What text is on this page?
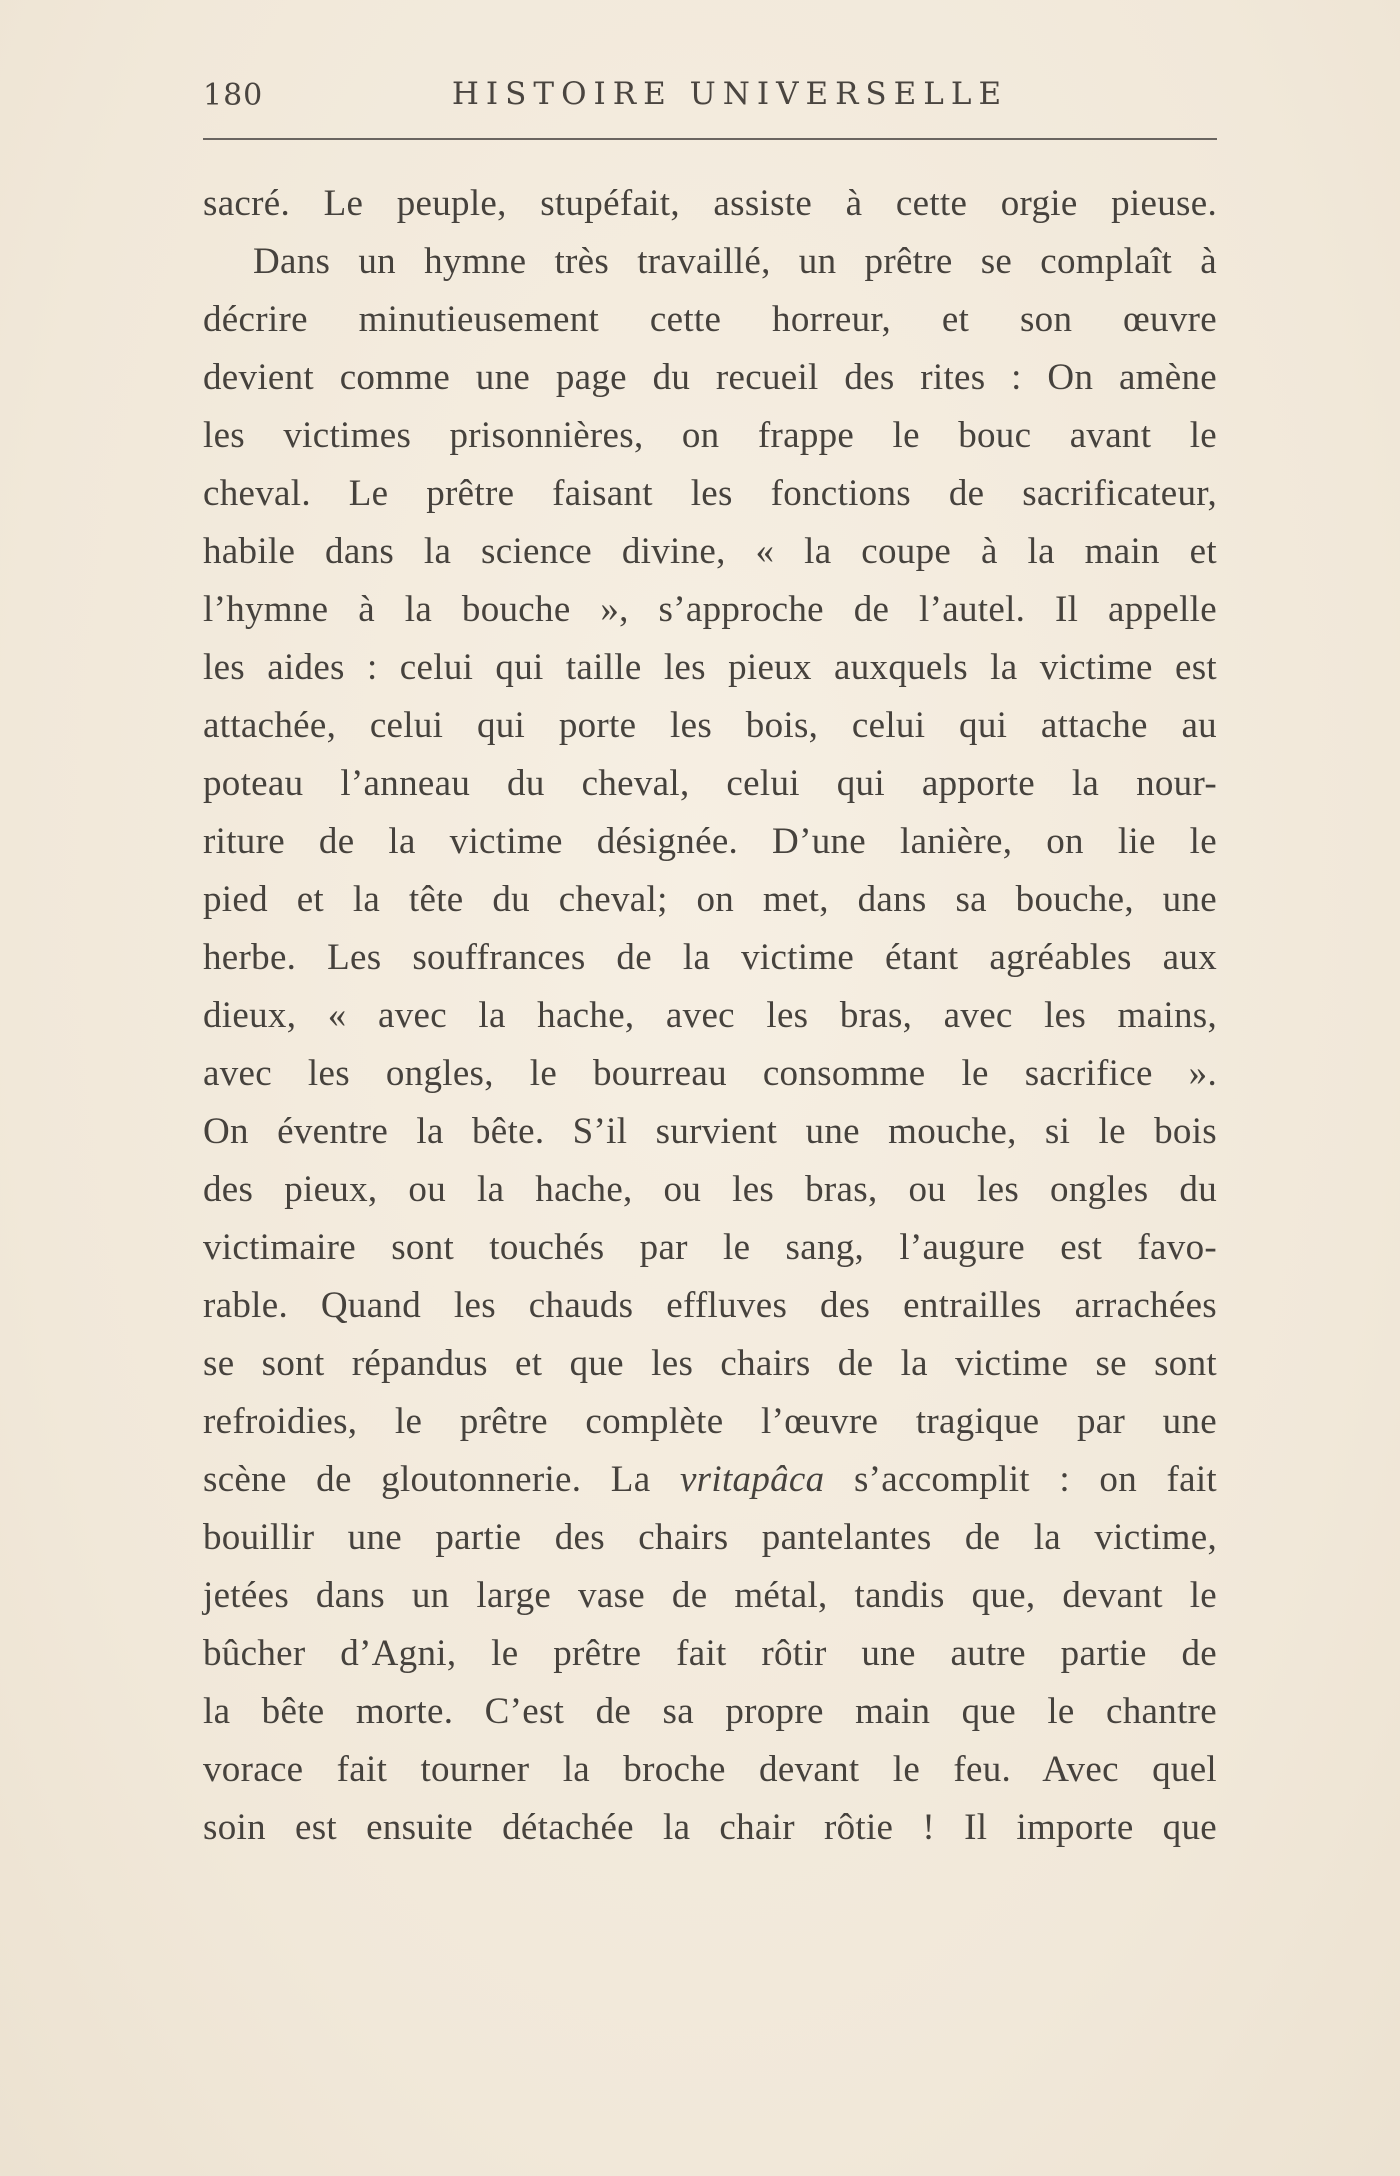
180	HISTOIRE UNIVERSELLE
sacré. Le peuple, stupéfait, assiste à cette orgie pieuse.
Dans un hymne très travaillé, un prêtre se complaît à
décrire minutieusement cette horreur, et son œuvre
devient comme une page du recueil des rites : On amène
les victimes prisonnières, on frappe le bouc avant le
cheval. Le prêtre faisant les fonctions de sacrificateur,
habile dans la science divine, « la coupe à la main et
l’hymne à la bouche », s’approche de l’autel. Il appelle
les aides : celui qui taille les pieux auxquels la victime est
attachée, celui qui porte les bois, celui qui attache au
poteau l’anneau du cheval, celui qui apporte la nour-
riture de la victime désignée. D’une lanière, on lie le
pied et la tête du cheval; on met, dans sa bouche, une
herbe. Les souffrances de la victime étant agréables aux
dieux, « avec la hache, avec les bras, avec les mains,
avec les ongles, le bourreau consomme le sacrifice ».
On éventre la bête. S’il survient une mouche, si le bois
des pieux, ou la hache, ou les bras, ou les ongles du
victimaire sont touchés par le sang, l’augure est favo-
rable. Quand les chauds effluves des entrailles arrachées
se sont répandus et que les chairs de la victime se sont
refroidies, le prêtre complète l’œuvre tragique par une
scène de gloutonnerie. La vritapâca s’accomplit : on fait
bouillir une partie des chairs pantelantes de la victime,
jetées dans un large vase de métal, tandis que, devant le
bûcher d’Agni, le prêtre fait rôtir une autre partie de
la bête morte. C’est de sa propre main que le chantre
vorace fait tourner la broche devant le feu. Avec quel
soin est ensuite détachée la chair rôtie ! Il importe que
